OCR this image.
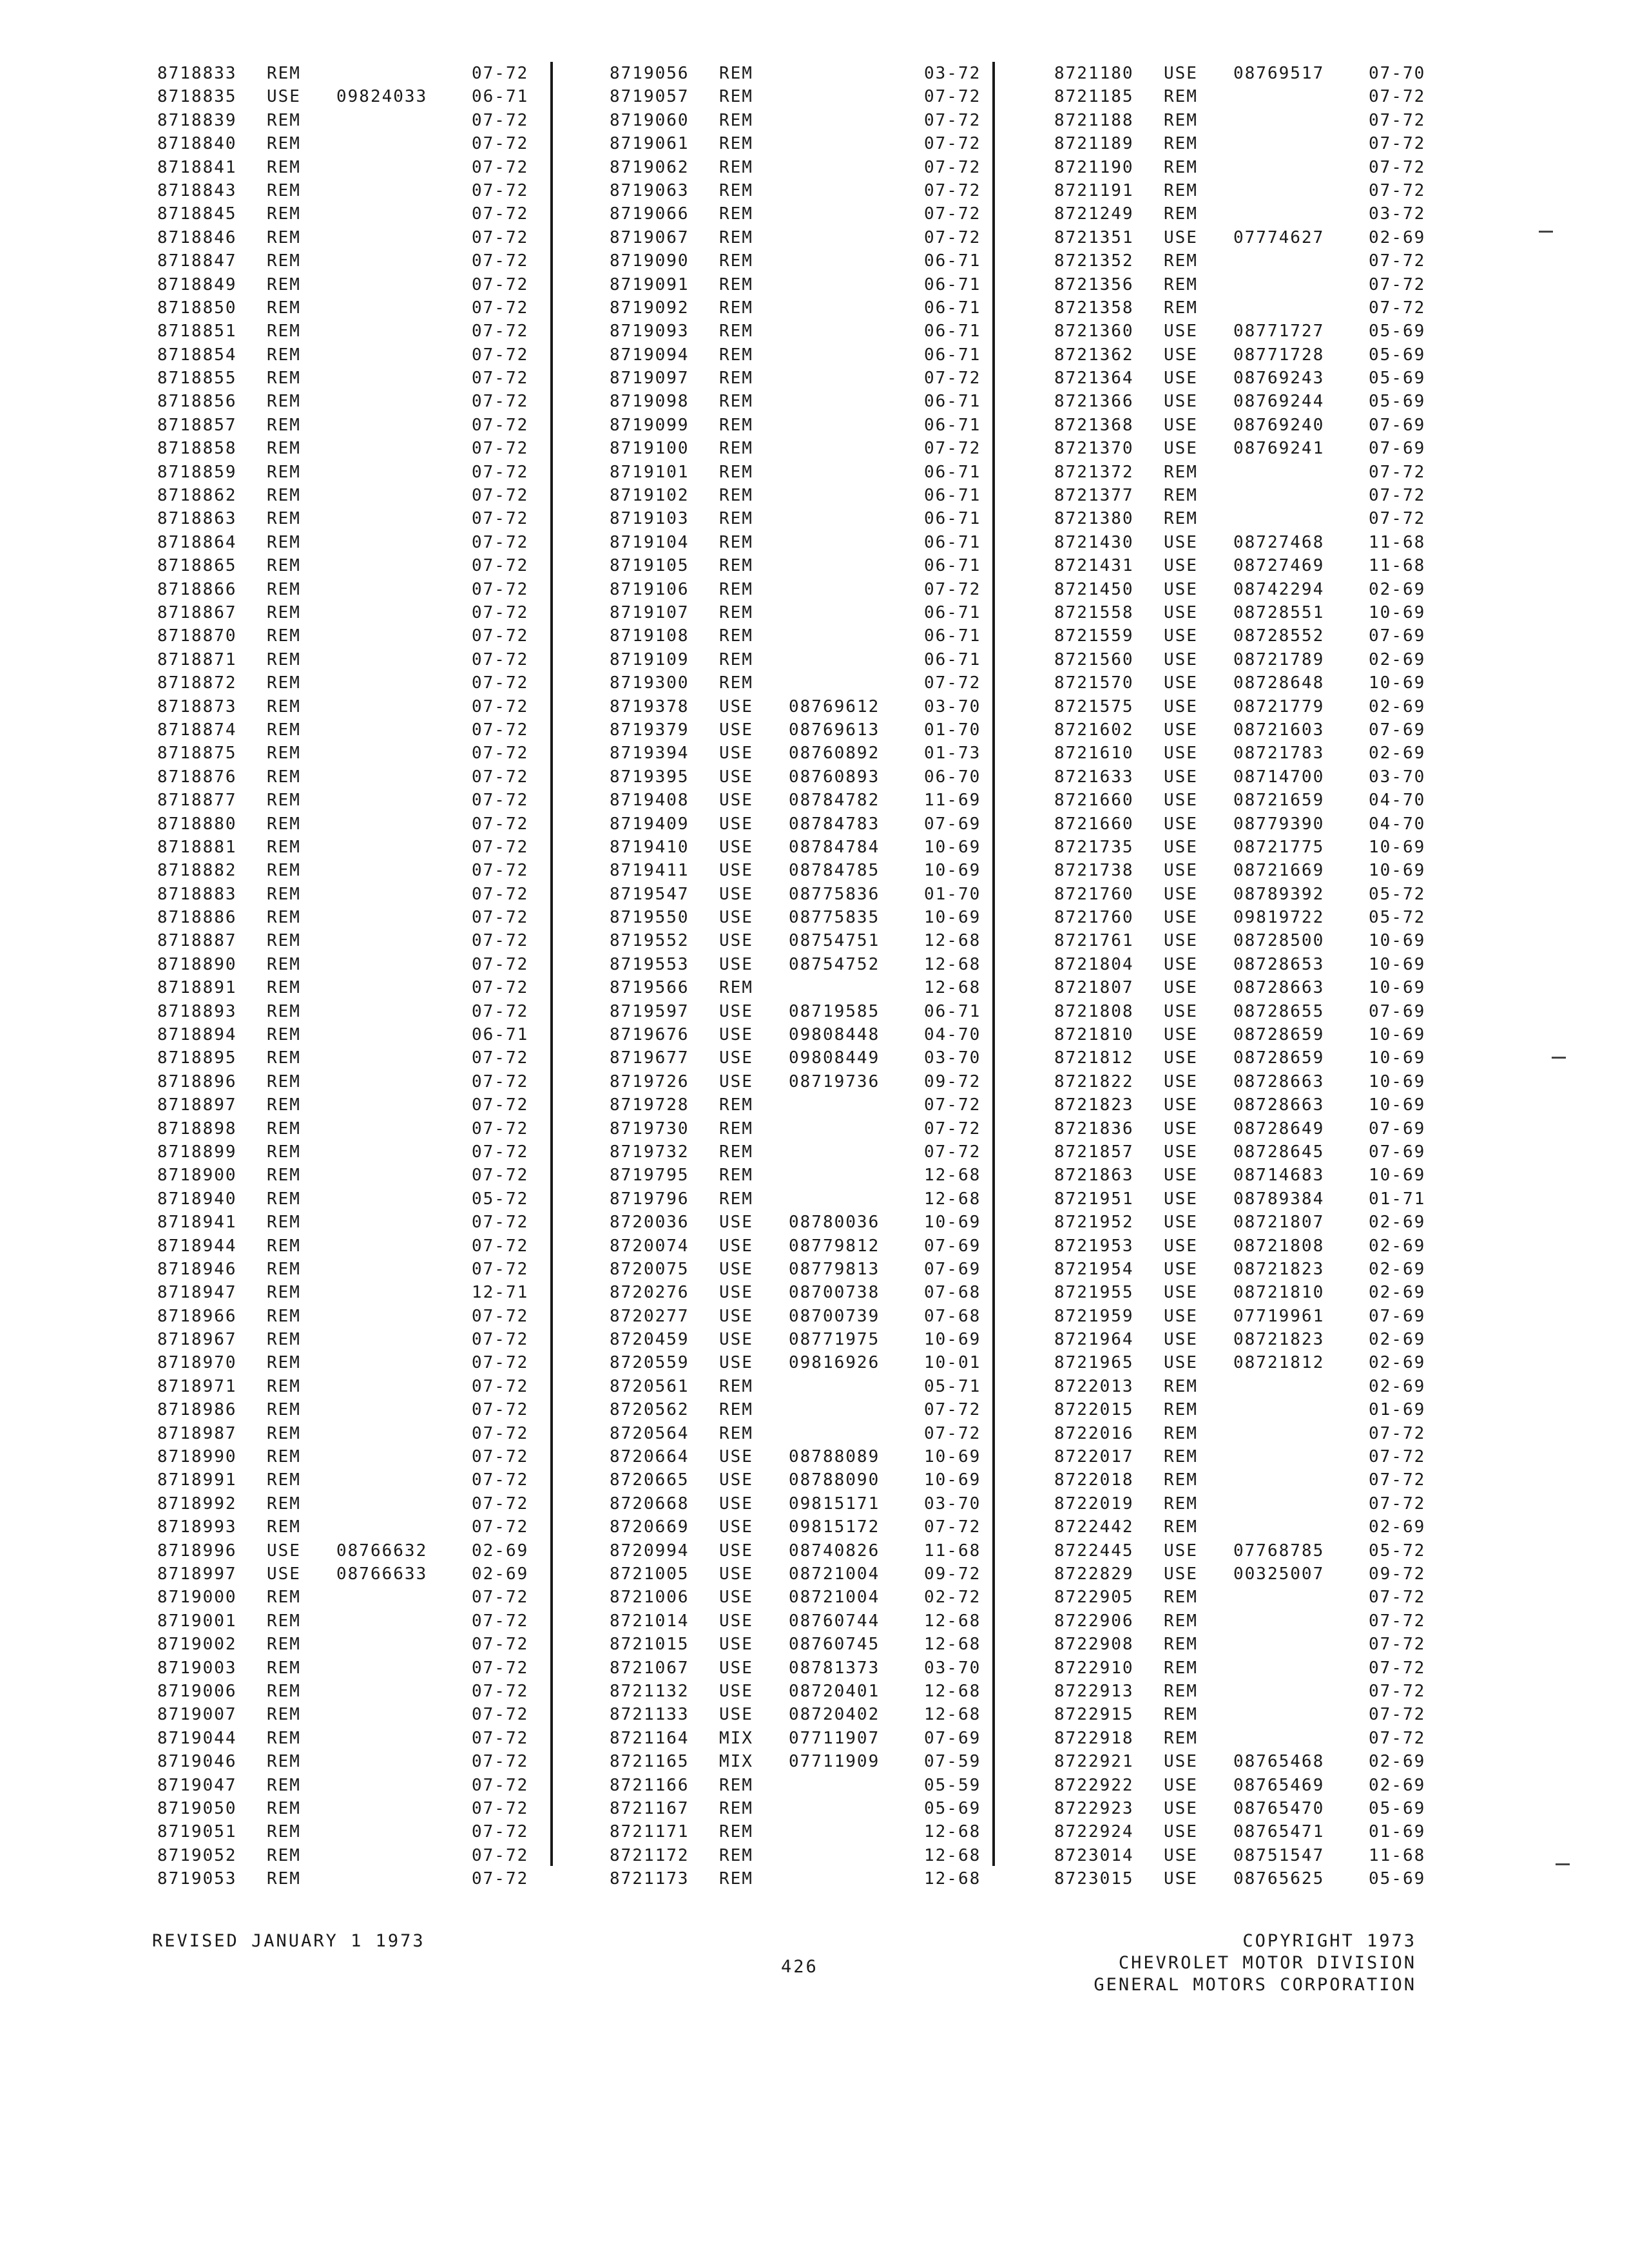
8718833 REM	07-72
8718835 USE 09824033	06-71
8718839 REM	07-72
8718840 REM	07-72
8718841 REM	07-72
8718843 REM	07-72
8718845 REM	07-72
8718846 REM	07-72
8718847 REM	07-72
8718849 REM	07-72
8718850 REM	07-72
8718851 REM	07-72
8718854 REM	07-72
8718855 REM	07-72
8718856 REM	07-72
8718857 REM	07-72
8718858 REM	07-72
8718859 REM	07-72
8718862 REM	07-72
8718863 REM	07-72
8718864 REM	07-72
8718865 REM	07-72
8718866 REM	07-72
8718867 REM	07-72
8718870 REM	07-72
8718871 REM	07-72
8718872 REM	07-72
8718873 REM	07-72
8718874 REM	07-72
8718875 REM	07-72
8718876 REM	07-72
8718877 REM	07-72
8718880 REM	07-72
8718881 REM	07-72
8718882 REM	07-72
8718883 REM	07-72
8718886 REM	07-72
8718887 REM	07-72
8718890 REM	07-72
8718891 REM	07-72
8718893 REM	07-72
8718894 REM	06-71
8718895 REM	07-72
8718896 REM	07-72
8718897 REM	07-72
8718898 REM	07-72
8718899 REM	07-72
8718900 REM	07-72
8718940 REM	05-72
8718941 REM	07-72
8718944 REM	07-72
8718946 REM	07-72
8718947 REM	12-71
8718966 REM	07-72
8718967 REM	07-72
8718970 REM	07-72
8718971 REM	07-72
8718986 REM	07-72
8718987 REM	07-72
8718990 REM	07-72
8718991 REM	07-72
8718992 REM	07-72
8718993 REM	07-72
8718996 USE 08766632	02-69
8718997 USE 08766633	02-69
8719000 REM	07-72
8719001 REM	07-72
8719002 REM	07-72
8719003 REM	07-72
8719006 REM	07-72
8719007 REM	07-72
8719044 REM	07-72
8719046 REM	07-72
8719047 REM	07-72
8719050 REM	07-72
8719051 REM	07-72
8719052 REM	07-72
8719053 REM	07-72
8719056 REM	03-72
8719057 REM	07-72
8719060 REM	07-72
8719061 REM	07-72
8719062 REM	07-72
8719063 REM	07-72
8719066 REM	07-72
8719067 REM	07-72
8719090 REM	06-71
8719091 REM	06-71
8719092 REM	06-71
8719093 REM	06-71
8719094 REM	06-71
8719097 REM	07-72
8719098 REM	06-71
8719099 REM	06-71
8719100 REM	07-72
8719101 REM	06-71
8719102 REM	06-71
8719103 REM	06-71
8719104 REM	06-71
8719105 REM	06-71
8719106 REM	07-72
8719107 REM	06-71
8719108 REM	06-71
8719109 REM	06-71
8719300 REM	07-72
8719378 USE 08769612	03-70
8719379 USE 08769613	01-70
8719394 USE 08760892	01-73
8719395 USE 08760893	06-70
8719408 USE 08784782	11-69
8719409 USE 08784783	07-69
8719410 USE 08784784	10-69
8719411 USE 08784785	10-69
8719547 USE 08775836	01-70
8719550 USE 08775835	10-69
8719552 USE 08754751	12-68
8719553 USE 08754752	12-68
8719566 REM	12-68
8719597 USE 08719585	06-71
8719676 USE 09808448	04-70
8719677 USE 09808449	03-70
8719726 USE 08719736	09-72
8719728 REM	07-72
8719730 REM	07-72
8719732 REM	07-72
8719795 REM	12-68
8719796 REM	12-68
8720036 USE 08780036	10-69
8720074 USE 08779812	07-69
8720075 USE 08779813	07-69
8720276 USE 08700738	07-68
8720277 USE 08700739	07-68
8720459 USE 08771975	10-69
8720559 USE 09816926	10-01
8720561 REM	05-71
8720562 REM	07-72
8720564 REM	07-72
8720664 USE 08788089	10-69
8720665 USE 08788090	10-69
8720668 USE 09815171	03-70
8720669 USE 09815172	07-72
8720994 USE 08740826	11-68
8721005 USE 08721004	09-72
8721006 USE 08721004	02-72
8721014 USE 08760744	12-68
8721015 USE 08760745	12-68
8721067 USE 08781373	03-70
8721132 USE 08720401	12-68
8721133 USE 08720402	12-68
8721164 MIX 07711907	07-69
8721165 MIX 07711909	07-59
8721166 REM	05-59
8721167 REM	05-69
8721171 REM	12-68
8721172 REM	12-68
8721173 REM	12-68
8721180 USE 08769517	07-70
8721185 REM	07-72
8721188 REM	07-72
8721189 REM	07-72
8721190 REM	07-72
8721191 REM	07-72
8721249 REM	03-72
8721351 USE 07774627	02-69
8721352 REM	07-72
8721356 REM	07-72
8721358 REM	07-72
8721360 USE 08771727	05-69
8721362 USE 08771728	05-69
8721364 USE 08769243	05-69
8721366 USE 08769244	05-69
8721368 USE 08769240	07-69
8721370 USE 08769241	07-69
8721372 REM	07-72
8721377 REM	07-72
8721380 REM	07-72
8721430 USE 08727468	11-68
8721431 USE 08727469	11-68
8721450 USE 08742294	02-69
8721558 USE 08728551	10-69
8721559 USE 08728552	07-69
8721560 USE 08721789	02-69
8721570 USE 08728648	10-69
8721575 USE 08721779	02-69
8721602 USE 08721603	07-69
8721610 USE 08721783	02-69
8721633 USE 08714700	03-70
8721660 USE 08721659	04-70
8721660 USE 08779390	04-70
8721735 USE 08721775	10-69
8721738 USE 08721669	10-69
8721760 USE 08789392	05-72
8721760 USE 09819722	05-72
8721761 USE 08728500	10-69
8721804 USE 08728653	10-69
8721807 USE 08728663	10-69
8721808 USE 08728655	07-69
8721810 USE 08728659	10-69
8721812 USE 08728659	10-69
8721822 USE 08728663	10-69
8721823 USE 08728663	10-69
8721836 USE 08728649	07-69
8721857 USE 08728645	07-69
8721863 USE 08714683	10-69
8721951 USE 08789384	01-71
8721952 USE 08721807	02-69
8721953 USE 08721808	02-69
8721954 USE 08721823	02-69
8721955 USE 08721810	02-69
8721959 USE 07719961	07-69
8721964 USE 08721823	02-69
8721965 USE 08721812	02-69
8722013 REM	02-69
8722015 REM	01-69
8722016 REM	07-72
8722017 REM	07-72
8722018 REM	07-72
8722019 REM	07-72
8722442 REM	02-69
8722445 USE 07768785	05-72
8722829 USE 00325007	09-72
8722905 REM	07-72
8722906 REM	07-72
8722908 REM	07-72
8722910 REM	07-72
8722913 REM	07-72
8722915 REM	07-72
8722918 REM	07-72
8722921 USE 08765468	02-69
8722922 USE 08765469	02-69
8722923 USE 08765470	05-69
8722924 USE 08765471	01-69
8723014 USE 08751547	11-68
8723015 USE 08765625	05-69
REVISED JANUARY 1 1973
426
COPYRIGHT 1973
CHEVROLET MOTOR DIVISION
GENERAL MOTORS CORPORATION
